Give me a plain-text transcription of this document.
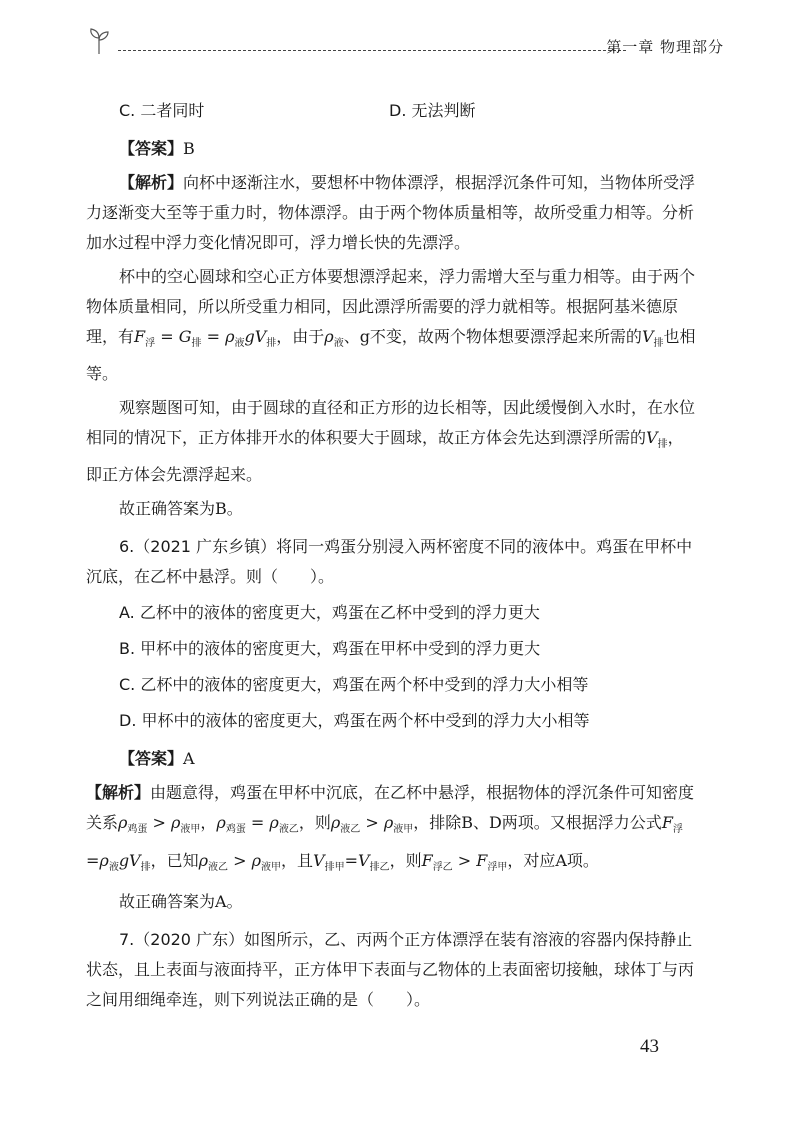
第一章 物理部分

C. 二者同时	D. 无法判断

【答案】B

【解析】向杯中逐渐注水，要想杯中物体漂浮，根据浮沉条件可知，当物体所受浮力逐渐变大至等于重力时，物体漂浮。由于两个物体质量相等，故所受重力相等。分析加水过程中浮力变化情况即可，浮力增长快的先漂浮。

杯中的空心圆球和空心正方体要想漂浮起来，浮力需增大至与重力相等。由于两个物体质量相同，所以所受重力相同，因此漂浮所需要的浮力就相等。根据阿基米德原理，有$F_浮 = G_排 = \rho_液gV_排$，由于$\rho_液$、g不变，故两个物体想要漂浮起来所需的$V_排$也相等。

观察题图可知，由于圆球的直径和正方形的边长相等，因此缓慢倒入水时，在水位相同的情况下，正方体排开水的体积要大于圆球，故正方体会先达到漂浮所需的$V_排$，即正方体会先漂浮起来。

故正确答案为B。

6.（2021 广东乡镇）将同一鸡蛋分别浸入两杯密度不同的液体中。鸡蛋在甲杯中沉底，在乙杯中悬浮。则（　　）。

A. 乙杯中的液体的密度更大，鸡蛋在乙杯中受到的浮力更大

B. 甲杯中的液体的密度更大，鸡蛋在甲杯中受到的浮力更大

C. 乙杯中的液体的密度更大，鸡蛋在两个杯中受到的浮力大小相等

D. 甲杯中的液体的密度更大，鸡蛋在两个杯中受到的浮力大小相等

【答案】A

【解析】由题意得，鸡蛋在甲杯中沉底，在乙杯中悬浮，根据物体的浮沉条件可知密度关系$\rho_{鸡蛋} > \rho_{液甲}$，$\rho_{鸡蛋} = \rho_{液乙}$，则$\rho_{液乙} > \rho_{液甲}$，排除B、D两项。又根据浮力公式$F_浮=\rho_液gV_排$，已知$\rho_{液乙} > \rho_{液甲}$，且$V_{排甲}=V_{排乙}$，则$F_{浮乙} > F_{浮甲}$，对应A项。

故正确答案为A。

7.（2020 广东）如图所示，乙、丙两个正方体漂浮在装有溶液的容器内保持静止状态，且上表面与液面持平，正方体甲下表面与乙物体的上表面密切接触，球体丁与丙之间用细绳牵连，则下列说法正确的是（　　）。

43
